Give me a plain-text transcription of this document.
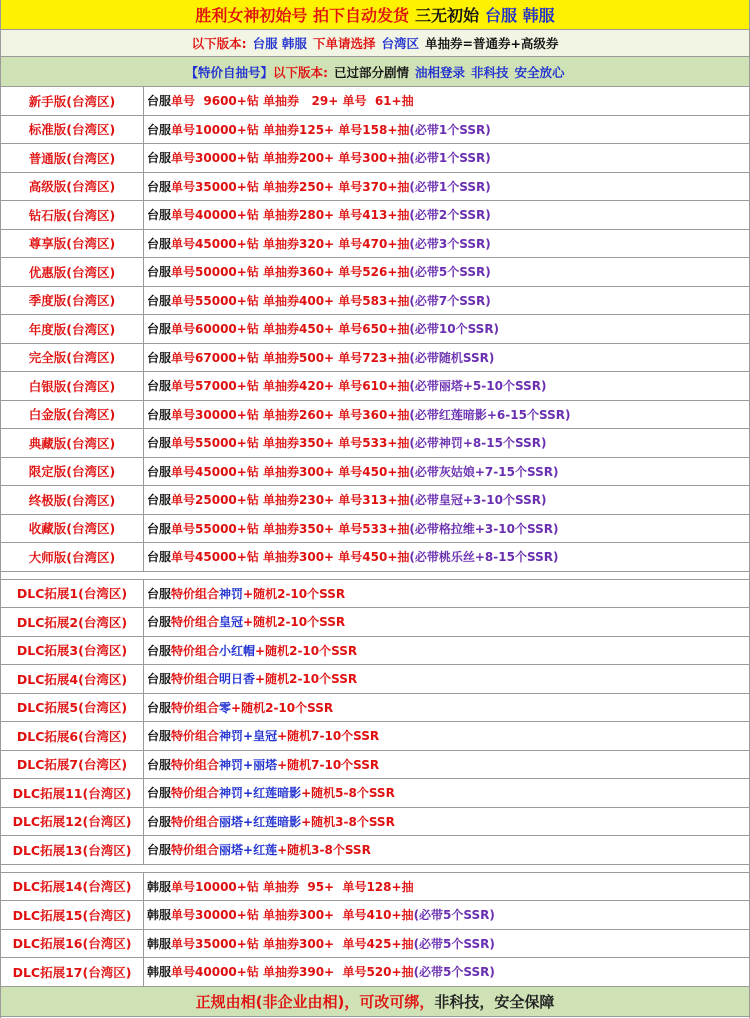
胜利女神初始号 拍下自动发货 三无初始 台服 韩服
以下版本: 台服 韩服 下单请选择 台湾区 单抽券=普通券+高级券
【特价自抽号】 以下版本: 已过部分剧情 油相登录 非科技 安全放心
新手版(台湾区)	台服 单号  9600+钻 单抽券   29+ 单号  61+抽
标准版(台湾区)	台服 单号10000+钻 单抽券125+ 单号158+抽 (必带1个SSR)
普通版(台湾区)	台服 单号30000+钻 单抽券200+ 单号300+抽 (必带1个SSR)
高级版(台湾区)	台服 单号35000+钻 单抽券250+ 单号370+抽 (必带1个SSR)
钻石版(台湾区)	台服 单号40000+钻 单抽券280+ 单号413+抽 (必带2个SSR)
尊享版(台湾区)	台服 单号45000+钻 单抽券320+ 单号470+抽 (必带3个SSR)
优惠版(台湾区)	台服 单号50000+钻 单抽券360+ 单号526+抽 (必带5个SSR)
季度版(台湾区)	台服 单号55000+钻 单抽券400+ 单号583+抽 (必带7个SSR)
年度版(台湾区)	台服 单号60000+钻 单抽券450+ 单号650+抽 (必带10个SSR)
完全版(台湾区)	台服 单号67000+钻 单抽券500+ 单号723+抽 (必带随机SSR)
白银版(台湾区)	台服 单号57000+钻 单抽券420+ 单号610+抽 (必带丽塔+5-10个SSR)
白金版(台湾区)	台服 单号30000+钻 单抽券260+ 单号360+抽 (必带红莲暗影+6-15个SSR)
典藏版(台湾区)	台服 单号55000+钻 单抽券350+ 单号533+抽 (必带神罚+8-15个SSR)
限定版(台湾区)	台服 单号45000+钻 单抽券300+ 单号450+抽 (必带灰姑娘+7-15个SSR)
终极版(台湾区)	台服 单号25000+钻 单抽券230+ 单号313+抽 (必带皇冠+3-10个SSR)
收藏版(台湾区)	台服 单号55000+钻 单抽券350+ 单号533+抽 (必带格拉维+3-10个SSR)
大师版(台湾区)	台服 单号45000+钻 单抽券300+ 单号450+抽 (必带桃乐丝+8-15个SSR)
DLC拓展1(台湾区)	台服 特价组合 神罚 +随机2-10个SSR
DLC拓展2(台湾区)	台服 特价组合 皇冠 +随机2-10个SSR
DLC拓展3(台湾区)	台服 特价组合 小红帽 +随机2-10个SSR
DLC拓展4(台湾区)	台服 特价组合 明日香 +随机2-10个SSR
DLC拓展5(台湾区)	台服 特价组合 零 +随机2-10个SSR
DLC拓展6(台湾区)	台服 特价组合 神罚+皇冠 +随机7-10个SSR
DLC拓展7(台湾区)	台服 特价组合 神罚+丽塔 +随机7-10个SSR
DLC拓展11(台湾区)	台服 特价组合 神罚+红莲暗影 +随机5-8个SSR
DLC拓展12(台湾区)	台服 特价组合 丽塔+红莲暗影 +随机3-8个SSR
DLC拓展13(台湾区)	台服 特价组合 丽塔+红莲 +随机3-8个SSR
DLC拓展14(台湾区)	韩服 单号10000+钻 单抽券  95+  单号128+抽
DLC拓展15(台湾区)	韩服 单号30000+钻 单抽券300+  单号410+抽 (必带5个SSR)
DLC拓展16(台湾区)	韩服 单号35000+钻 单抽券300+  单号425+抽 (必带5个SSR)
DLC拓展17(台湾区)	韩服 单号40000+钻 单抽券390+  单号520+抽 (必带5个SSR)
正规由相(非企业由相)，可改可绑， 非科技，安全保障
